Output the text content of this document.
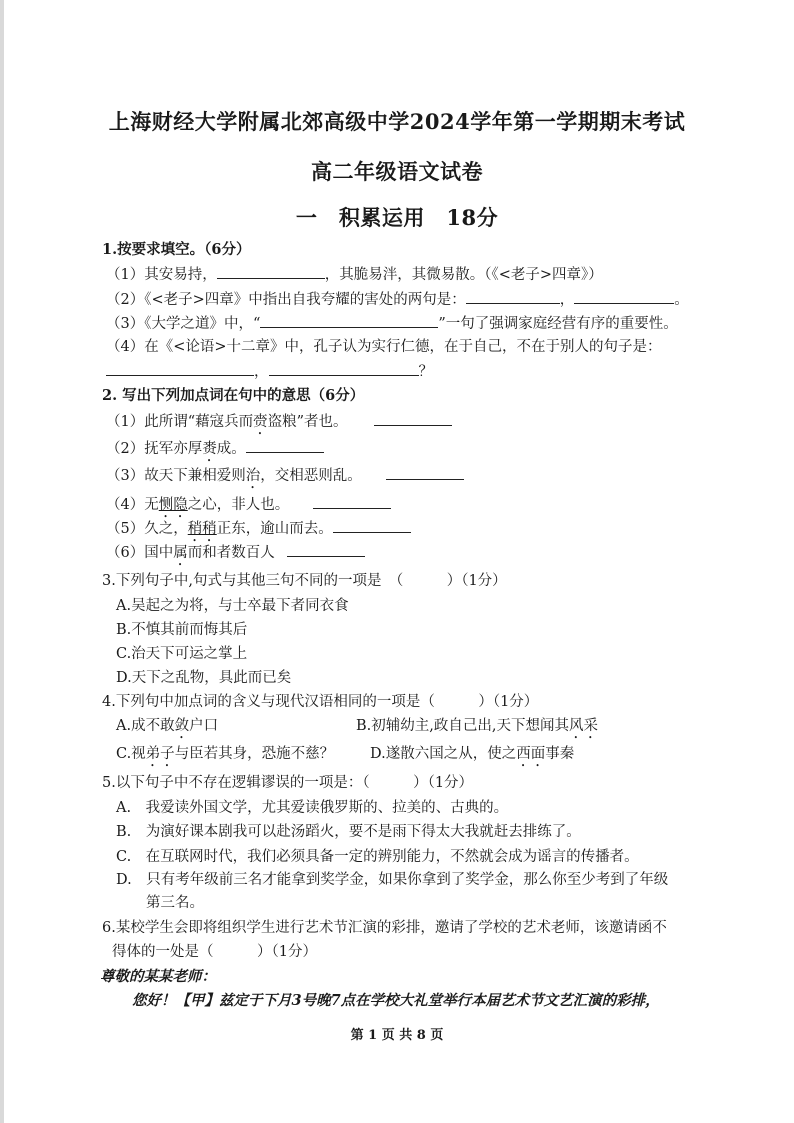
上海财经大学附属北郊高级中学2024学年第一学期期末考试
高二年级语文试卷
一　积累运用　18分
1.按要求填空。（6分）
（1）其安易持，	，其脆易泮，其微易散。（《<老子>四章》）
（2）《<老子>四章》中指出自我夸耀的害处的两句是：	，	。
（3）《大学之道》中，“	”一句了强调家庭经营有序的重要性。
（4）在《<论语>十二章》中，孔子认为实行仁德，在于自己，不在于别人的句子是：
，	？
2. 写出下列加点词在句中的意思（6分）
（1）此所谓“藉寇兵而赍盗粮”者也。
（2）抚军亦厚赉成。
（3）故天下兼相爱则治，交相恶则乱。
（4）无恻隐之心，非人也。
（5）久之，稍稍正东，逾山而去。
（6）国中属而和者数百人
3.下列句子中,句式与其他三句不同的一项是　（　　　）（1分）
A.吴起之为将，与士卒最下者同衣食
B.不慎其前而悔其后
C.治天下可运之掌上
D.天下之乱物，具此而已矣
4.下列句中加点词的含义与现代汉语相同的一项是（　　　）（1分）
A.成不敢敛户口	B.初辅幼主,政自己出,天下想闻其风采
C.视弟子与臣若其身，恐施不慈？ D.遂散六国之从，使之西面事秦
5.以下句子中不存在逻辑谬误的一项是：（　　　）（1分）
A.　我爱读外国文学，尤其爱读俄罗斯的、拉美的、古典的。
B.　为演好课本剧我可以赴汤蹈火，要不是雨下得太大我就赶去排练了。
C.　在互联网时代，我们必须具备一定的辨别能力，不然就会成为谣言的传播者。
D.　只有考年级前三名才能拿到奖学金，如果你拿到了奖学金，那么你至少考到了年级
第三名。
6.某校学生会即将组织学生进行艺术节汇演的彩排，邀请了学校的艺术老师，该邀请函不
得体的一处是（　　　）（1分）
尊敬的某某老师：
您好！【甲】兹定于下月3号晚7点在学校大礼堂举行本届艺术节文艺汇演的彩排，
第 1 页 共 8 页
